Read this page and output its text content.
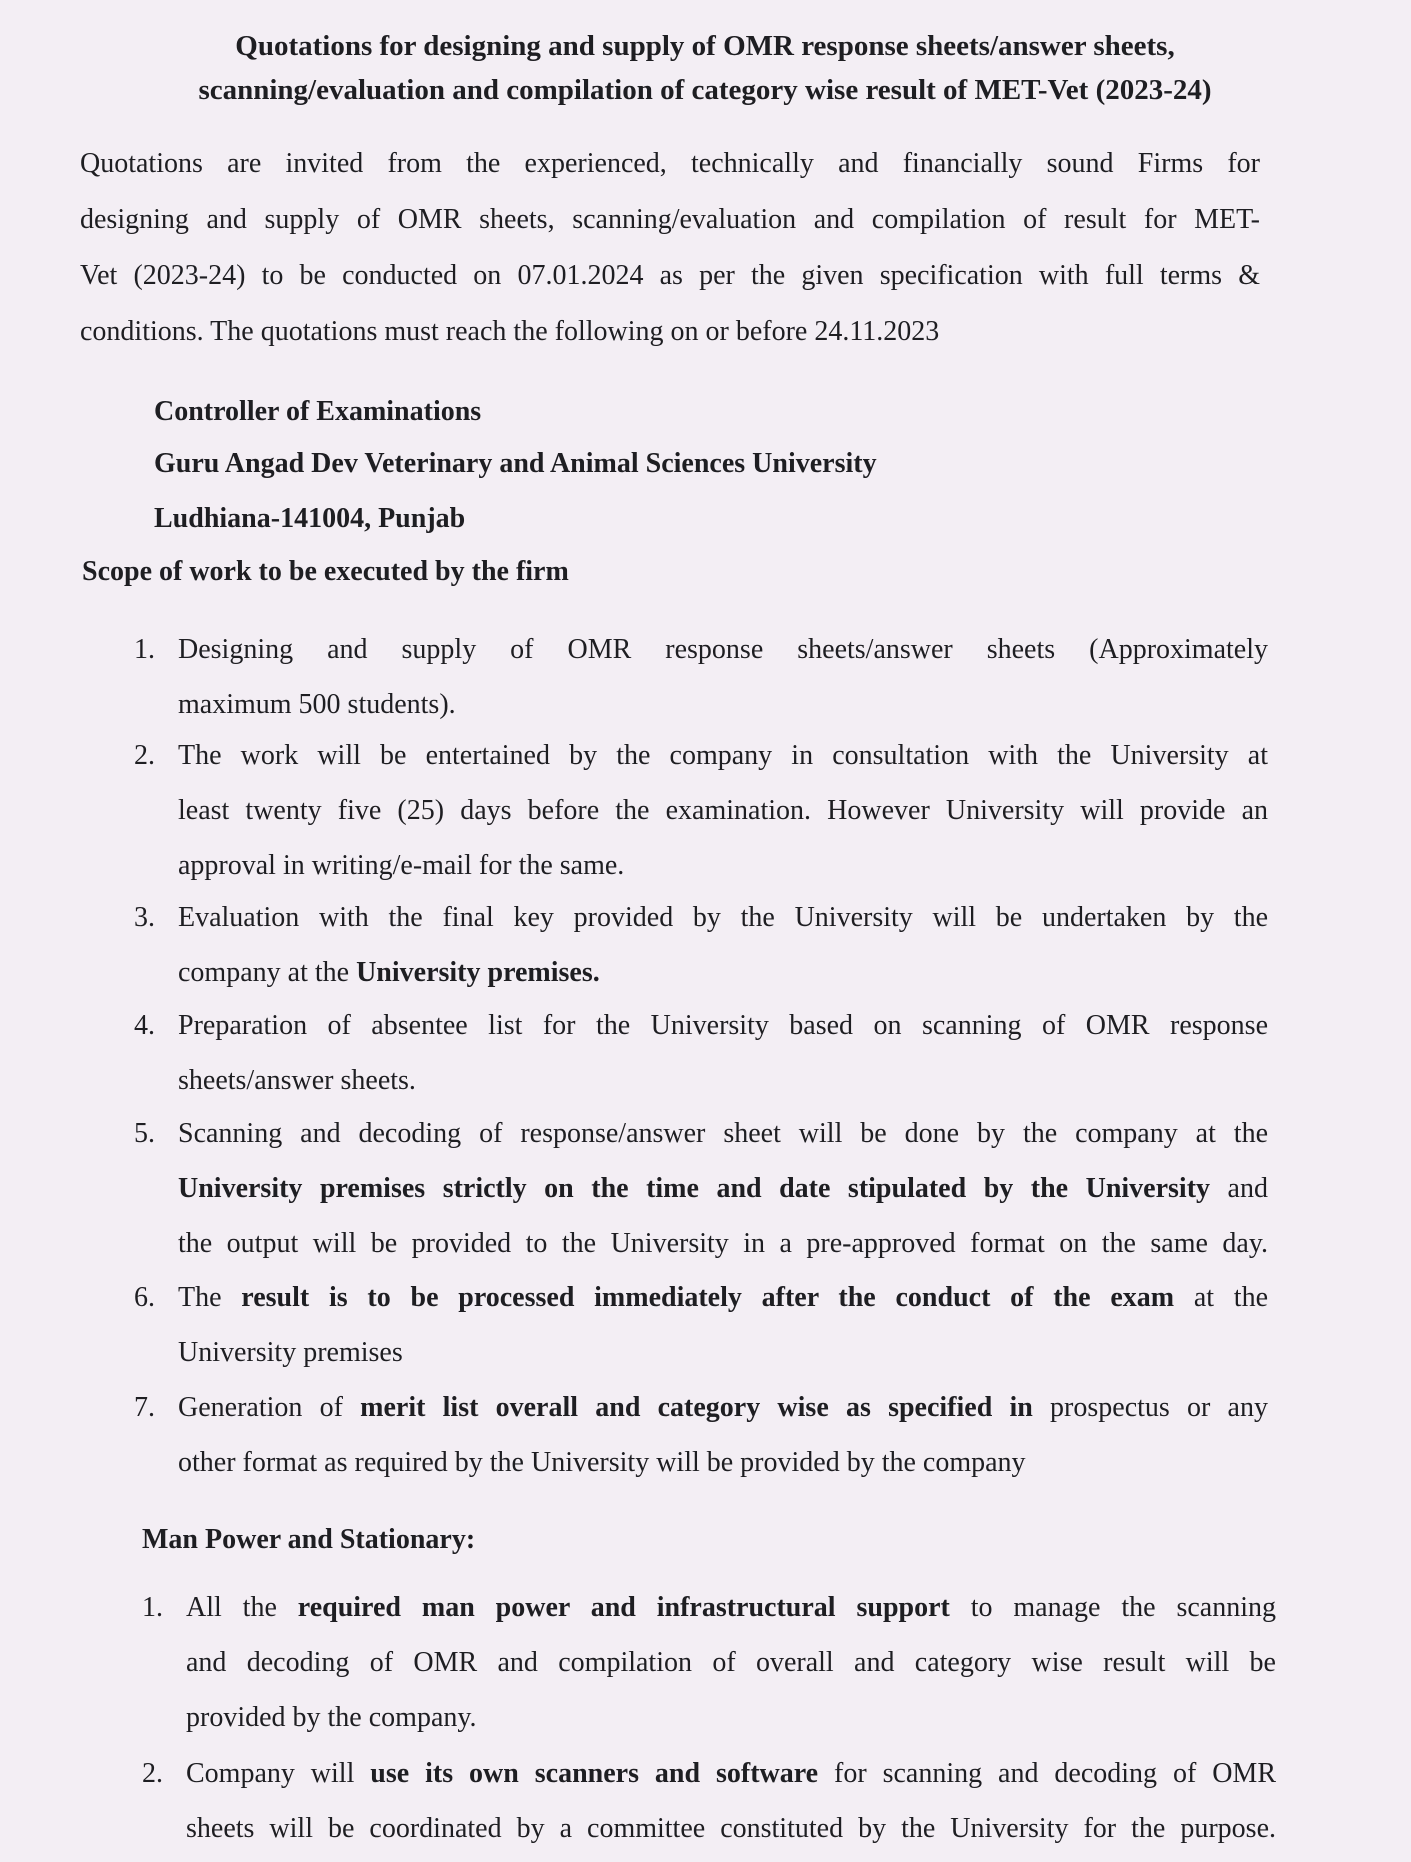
Quotations for designing and supply of OMR response sheets/answer sheets,
scanning/evaluation and compilation of category wise result of MET-Vet (2023-24)
Quotations are invited from the experienced, technically and financially sound Firms for
designing and supply of OMR sheets, scanning/evaluation and compilation of result for MET-
Vet (2023-24) to be conducted on 07.01.2024 as per the given specification with full terms &
conditions. The quotations must reach the following on or before 24.11.2023
Controller of Examinations
Guru Angad Dev Veterinary and Animal Sciences University
Ludhiana-141004, Punjab
Scope of work to be executed by the firm
1. Designing and supply of OMR response sheets/answer sheets (Approximately
maximum 500 students).
2. The work will be entertained by the company in consultation with the University at
least twenty five (25) days before the examination. However University will provide an
approval in writing/e-mail for the same.
3. Evaluation with the final key provided by the University will be undertaken by the
company at the University premises.
4. Preparation of absentee list for the University based on scanning of OMR response
sheets/answer sheets.
5. Scanning and decoding of response/answer sheet will be done by the company at the
University premises strictly on the time and date stipulated by the University and
the output will be provided to the University in a pre-approved format on the same day.
6. The result is to be processed immediately after the conduct of the exam at the
University premises
7. Generation of merit list overall and category wise as specified in prospectus or any
other format as required by the University will be provided by the company
Man Power and Stationary:
1. All the required man power and infrastructural support to manage the scanning
and decoding of OMR and compilation of overall and category wise result will be
provided by the company.
2. Company will use its own scanners and software for scanning and decoding of OMR
sheets will be coordinated by a committee constituted by the University for the purpose.
